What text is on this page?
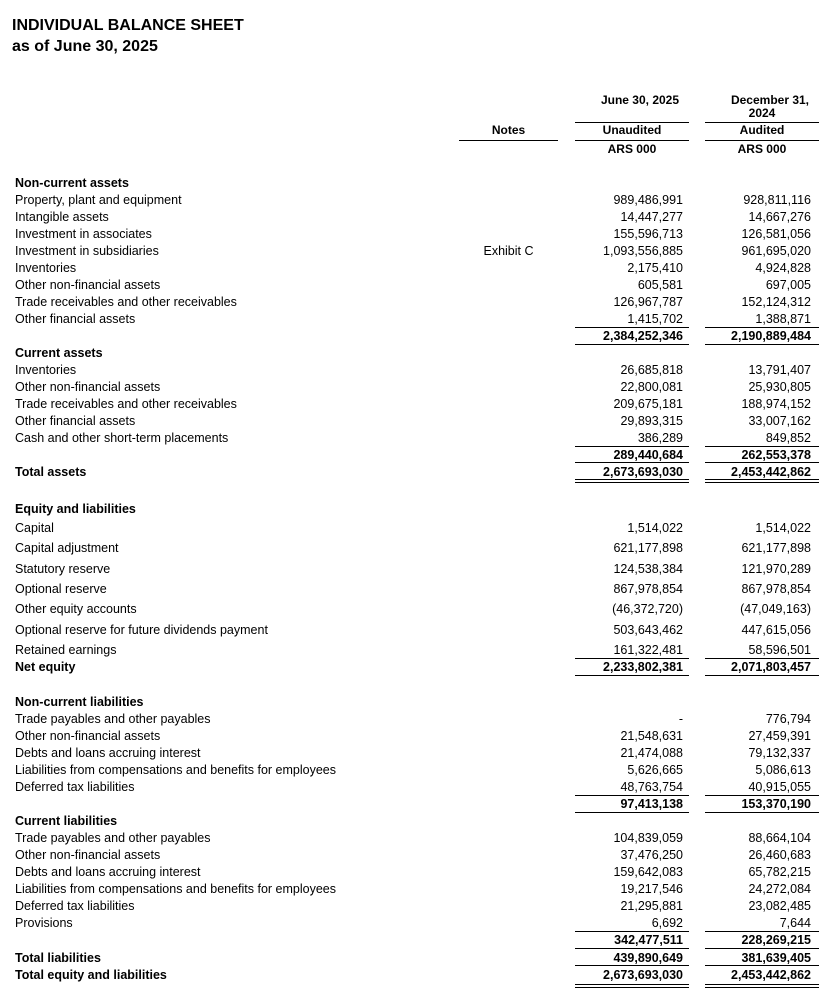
INDIVIDUAL BALANCE SHEET
as of June 30, 2025
June 30, 2025	December 31,
2024
Notes	Unaudited	Audited
ARS 000	ARS 000
Non-current assets
Property, plant and equipment	989,486,991	928,811,116
Intangible assets	14,447,277	14,667,276
Investment in associates	155,596,713	126,581,056
Investment in subsidiaries	Exhibit C	1,093,556,885	961,695,020
Inventories	2,175,410	4,924,828
Other non-financial assets	605,581	697,005
Trade receivables and other receivables	126,967,787	152,124,312
Other financial assets	1,415,702	1,388,871
2,384,252,346	2,190,889,484
Current assets
Inventories	26,685,818	13,791,407
Other non-financial assets	22,800,081	25,930,805
Trade receivables and other receivables	209,675,181	188,974,152
Other financial assets	29,893,315	33,007,162
Cash and other short-term placements	386,289	849,852
289,440,684	262,553,378
Total assets	2,673,693,030	2,453,442,862
Equity and liabilities
Capital	1,514,022	1,514,022
Capital adjustment	621,177,898	621,177,898
Statutory reserve	124,538,384	121,970,289
Optional reserve	867,978,854	867,978,854
Other equity accounts	(46,372,720)	(47,049,163)
Optional reserve for future dividends payment	503,643,462	447,615,056
Retained earnings	161,322,481	58,596,501
Net equity	2,233,802,381	2,071,803,457
Non-current liabilities
Trade payables and other payables	-	776,794
Other non-financial assets	21,548,631	27,459,391
Debts and loans accruing interest	21,474,088	79,132,337
Liabilities from compensations and benefits for employees	5,626,665	5,086,613
Deferred tax liabilities	48,763,754	40,915,055
97,413,138	153,370,190
Current liabilities
Trade payables and other payables	104,839,059	88,664,104
Other non-financial assets	37,476,250	26,460,683
Debts and loans accruing interest	159,642,083	65,782,215
Liabilities from compensations and benefits for employees	19,217,546	24,272,084
Deferred tax liabilities	21,295,881	23,082,485
Provisions	6,692	7,644
342,477,511	228,269,215
Total liabilities	439,890,649	381,639,405
Total equity and liabilities	2,673,693,030	2,453,442,862
